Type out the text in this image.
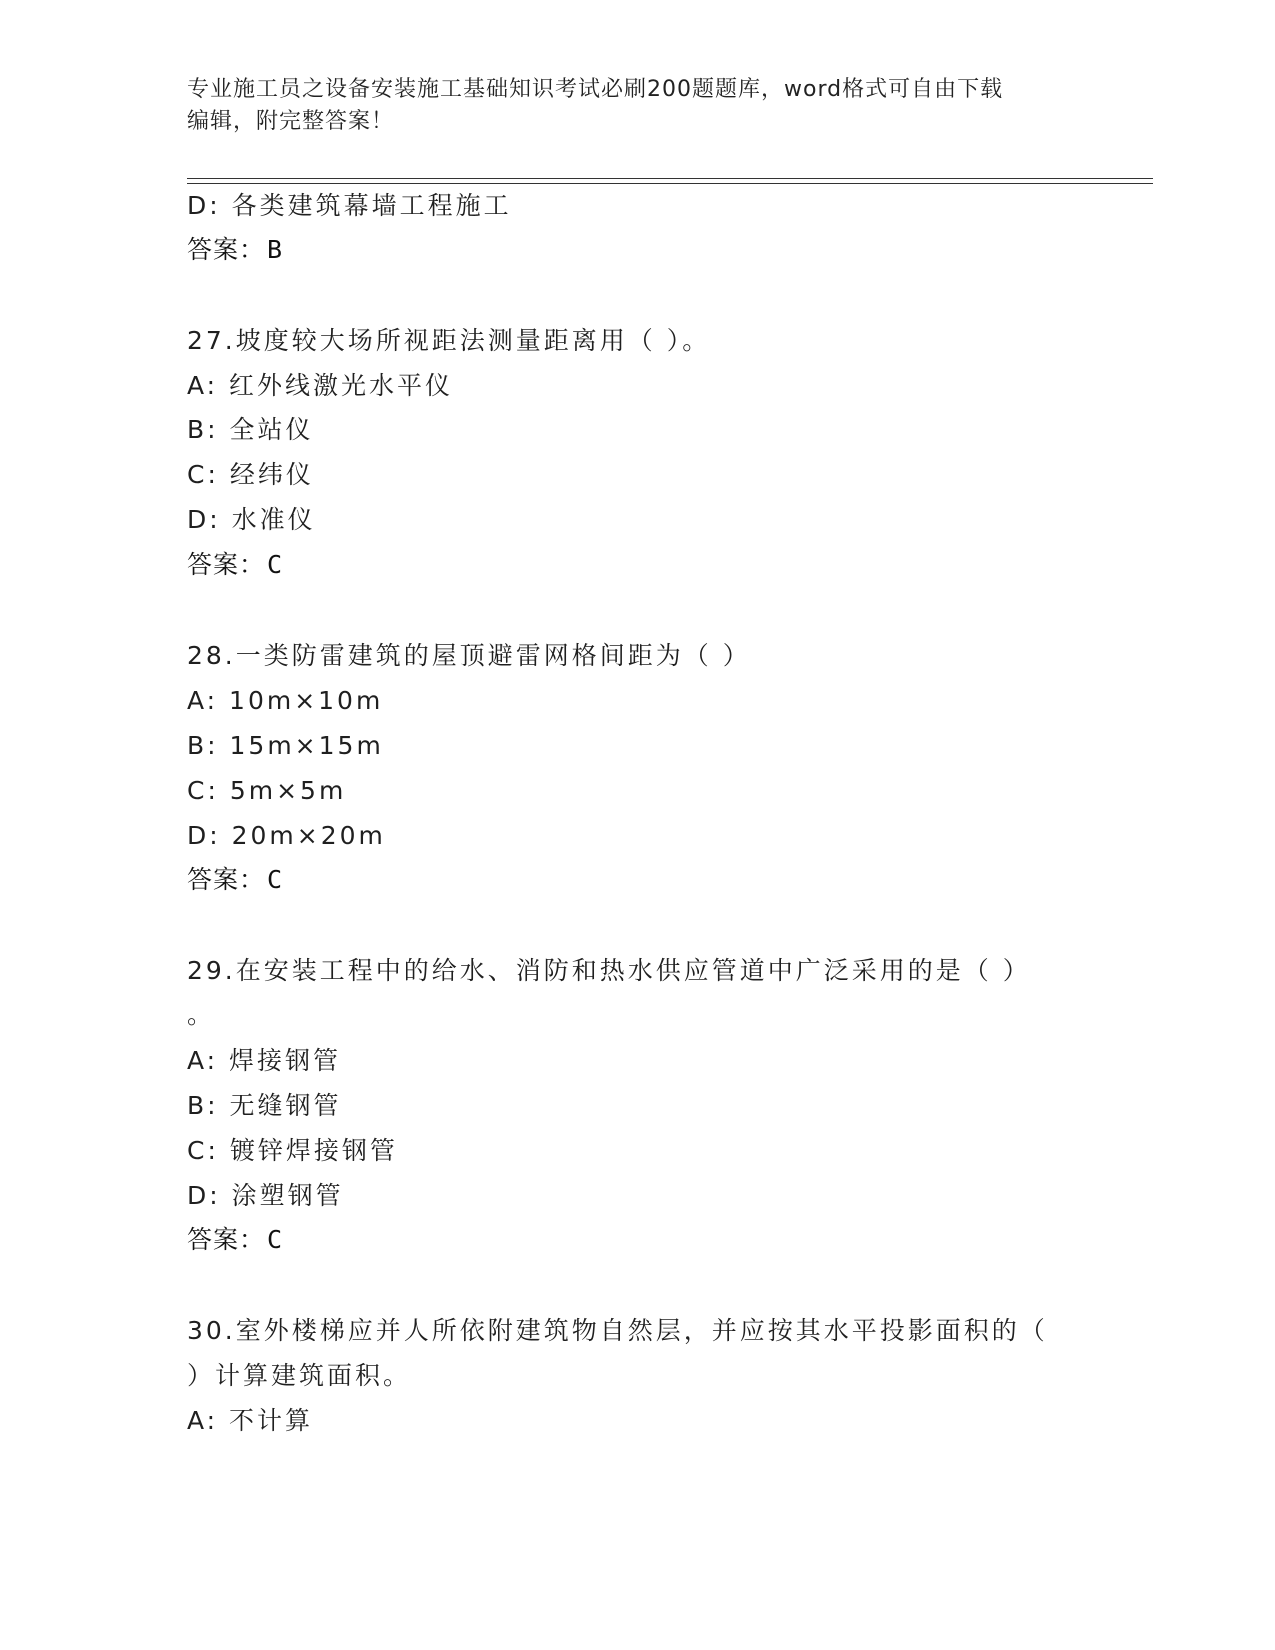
专业施工员之设备安装施工基础知识考试必刷200题题库，word格式可自由下载
编辑，附完整答案！
D: 各类建筑幕墙工程施工
答案：B
27.坡度较大场所视距法测量距离用（ ）。
A: 红外线激光水平仪
B: 全站仪
C: 经纬仪
D: 水准仪
答案：C
28.一类防雷建筑的屋顶避雷网格间距为（ ）
A: 10m×10m
B: 15m×15m
C: 5m×5m
D: 20m×20m
答案：C
29.在安装工程中的给水、消防和热水供应管道中广泛采用的是（ ）
。
A: 焊接钢管
B: 无缝钢管
C: 镀锌焊接钢管
D: 涂塑钢管
答案：C
30.室外楼梯应并人所依附建筑物自然层，并应按其水平投影面积的（
）计算建筑面积。
A: 不计算
